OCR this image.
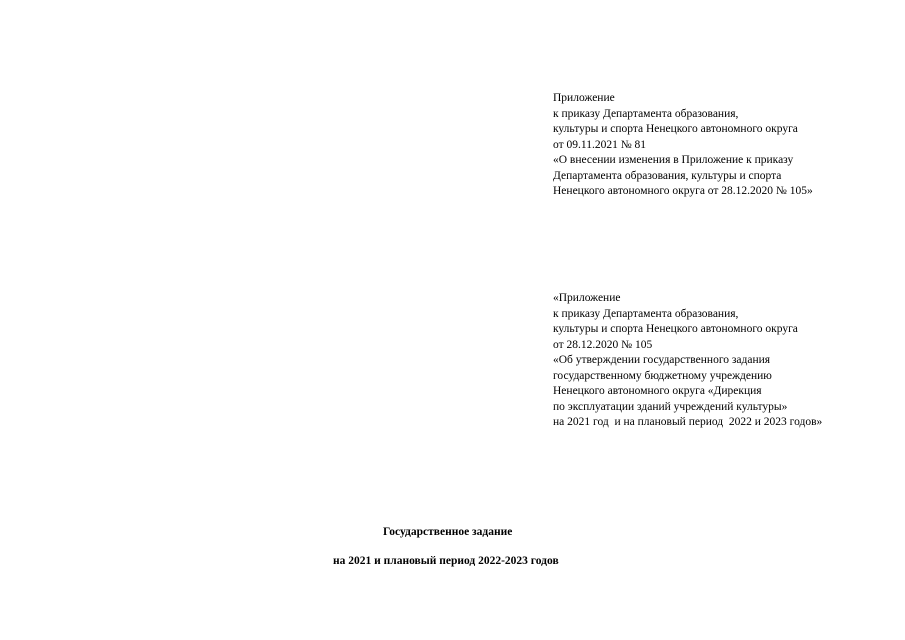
Приложение
к приказу Департамента образования,
культуры и спорта Ненецкого автономного округа
от 09.11.2021 № 81
«О внесении изменения в Приложение к приказу
Департамента образования, культуры и спорта
Ненецкого автономного округа от 28.12.2020 № 105»
«Приложение
к приказу Департамента образования,
культуры и спорта Ненецкого автономного округа
от 28.12.2020 № 105
«Об утверждении государственного задания
государственному бюджетному учреждению
Ненецкого автономного округа «Дирекция
по эксплуатации зданий учреждений культуры»
на 2021 год  и на плановый период  2022 и 2023 годов»
Государственное задание
на 2021 и плановый период 2022-2023 годов
